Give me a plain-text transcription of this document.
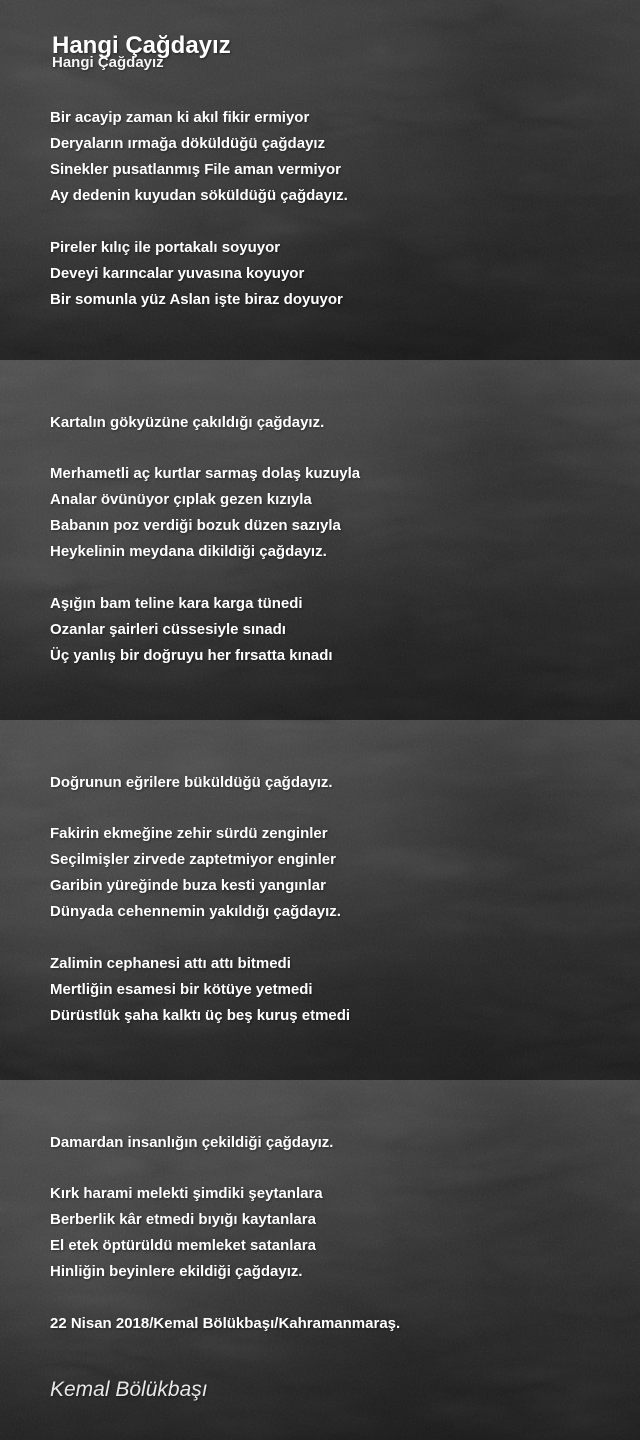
Hangi Çağdayız
Hangi Çağdayız
Bir acayip zaman ki akıl fikir ermiyor
Deryaların ırmağa döküldüğü çağdayız
Sinekler pusatlanmış File aman vermiyor
Ay dedenin kuyudan söküldüğü çağdayız.
Pireler kılıç ile portakalı soyuyor
Deveyi karıncalar yuvasına koyuyor
Bir somunla yüz Aslan işte biraz doyuyor
Kartalın gökyüzüne çakıldığı çağdayız.
Merhametli aç kurtlar sarmaş dolaş kuzuyla
Analar övünüyor çıplak gezen kızıyla
Babanın poz verdiği bozuk düzen sazıyla
Heykelinin meydana dikildiği çağdayız.
Aşığın bam teline kara karga tünedi
Ozanlar şairleri cüssesiyle sınadı
Üç yanlış bir doğruyu her fırsatta kınadı
Doğrunun eğrilere büküldüğü çağdayız.
Fakirin ekmeğine zehir sürdü zenginler
Seçilmişler zirvede zaptetmiyor enginler
Garibin yüreğinde buza kesti yangınlar
Dünyada cehennemin yakıldığı çağdayız.
Zalimin cephanesi attı attı bitmedi
Mertliğin esamesi bir kötüye yetmedi
Dürüstlük şaha kalktı üç beş kuruş etmedi
Damardan insanlığın çekildiği çağdayız.
Kırk harami melekti şimdiki şeytanlara
Berberlik kâr etmedi bıyığı kaytanlara
El etek öptürüldü memleket satanlara
Hinliğin beyinlere ekildiği çağdayız.
22 Nisan 2018/Kemal Bölükbaşı/Kahramanmaraş.
Kemal Bölükbaşı
